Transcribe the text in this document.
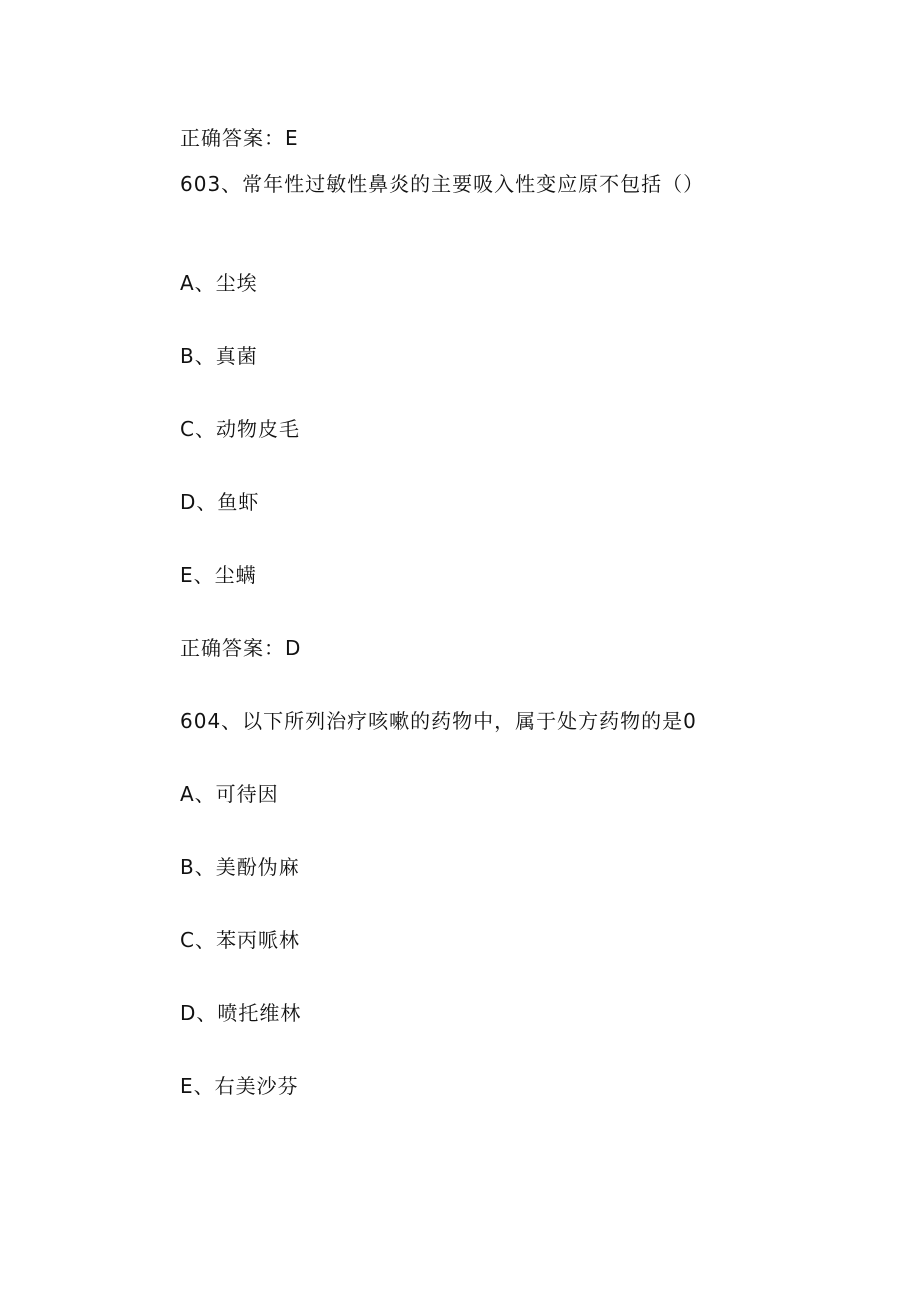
正确答案：E
603、常年性过敏性鼻炎的主要吸入性变应原不包括（）
A、尘埃
B、真菌
C、动物皮毛
D、鱼虾
E、尘螨
正确答案：D
604、以下所列治疗咳嗽的药物中，属于处方药物的是0
A、可待因
B、美酚伪麻
C、苯丙哌林
D、喷托维林
E、右美沙芬
